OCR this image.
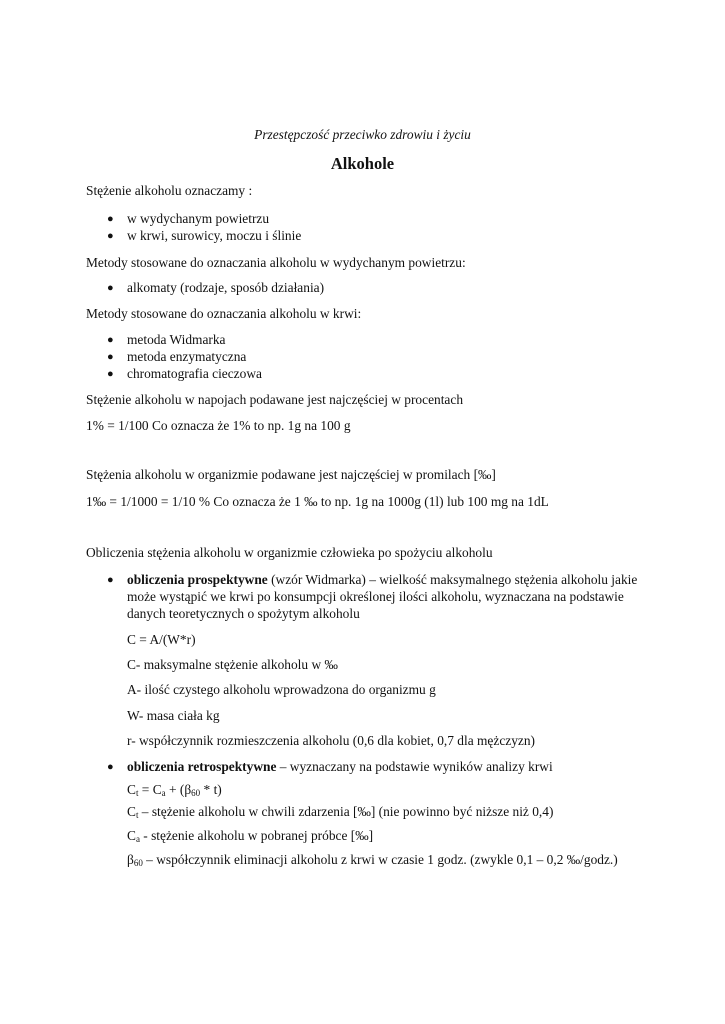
Przestępczość przeciwko zdrowiu i życiu
Alkohole
Stężenie alkoholu oznaczamy :
● w wydychanym powietrzu
● w krwi, surowicy, moczu i ślinie
Metody stosowane do oznaczania alkoholu w wydychanym powietrzu:
● alkomaty (rodzaje, sposób działania)
Metody stosowane do oznaczania alkoholu w krwi:
● metoda Widmarka
● metoda enzymatyczna
● chromatografia cieczowa
Stężenie alkoholu w napojach podawane jest najczęściej w procentach
1% = 1/100 Co oznacza że 1% to np. 1g na 100 g
Stężenia alkoholu w organizmie podawane jest najczęściej w promilach [‰]
1‰ = 1/1000 = 1/10 % Co oznacza że 1 ‰ to np. 1g na 1000g (1l) lub 100 mg na 1dL
Obliczenia stężenia alkoholu w organizmie człowieka po spożyciu alkoholu
● obliczenia prospektywne (wzór Widmarka) – wielkość maksymalnego stężenia alkoholu jakie
może wystąpić we krwi po konsumpcji określonej ilości alkoholu, wyznaczana na podstawie
danych teoretycznych o spożytym alkoholu
C = A/(W*r)
C- maksymalne stężenie alkoholu w ‰
A- ilość czystego alkoholu wprowadzona do organizmu g
W- masa ciała kg
r- współczynnik rozmieszczenia alkoholu (0,6 dla kobiet, 0,7 dla mężczyzn)
● obliczenia retrospektywne – wyznaczany na podstawie wyników analizy krwi
$C_t = C_a + (\beta_{60} * t)$
$C_t$ – stężenie alkoholu w chwili zdarzenia [‰] (nie powinno być niższe niż 0,4)
$C_a$ - stężenie alkoholu w pobranej próbce [‰]
$\beta_{60}$ – współczynnik eliminacji alkoholu z krwi w czasie 1 godz. (zwykle 0,1 – 0,2 ‰/godz.)
